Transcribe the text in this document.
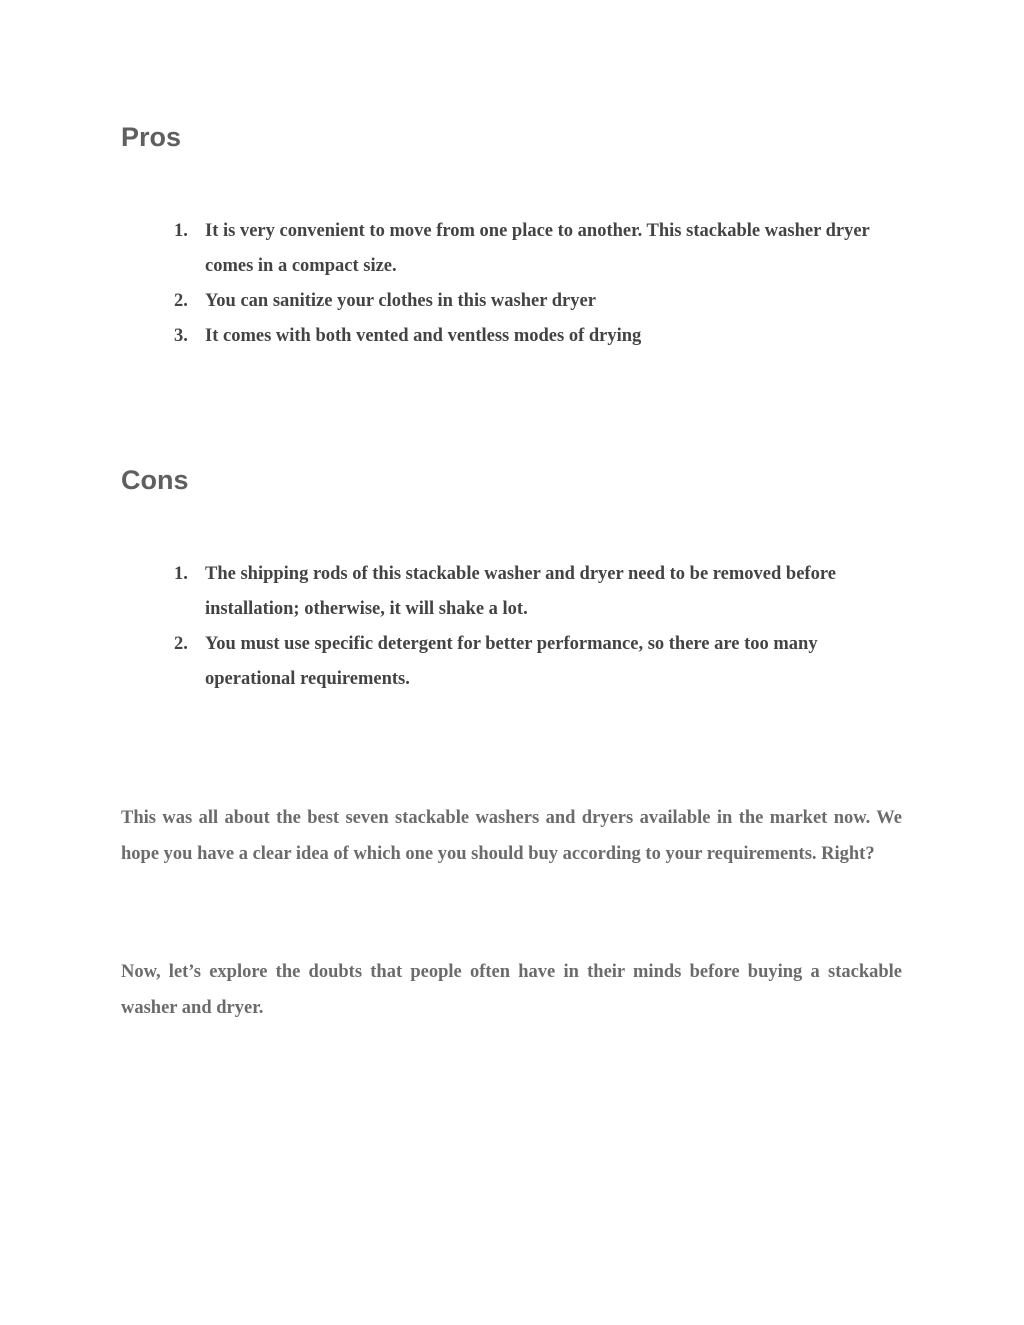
Pros
1. It is very convenient to move from one place to another. This stackable washer dryer comes in a compact size.
2. You can sanitize your clothes in this washer dryer
3. It comes with both vented and ventless modes of drying
Cons
1. The shipping rods of this stackable washer and dryer need to be removed before installation; otherwise, it will shake a lot.
2. You must use specific detergent for better performance, so there are too many operational requirements.

This was all about the best seven stackable washers and dryers available in the market now. We hope you have a clear idea of which one you should buy according to your requirements. Right?

Now, let’s explore the doubts that people often have in their minds before buying a stackable washer and dryer.
